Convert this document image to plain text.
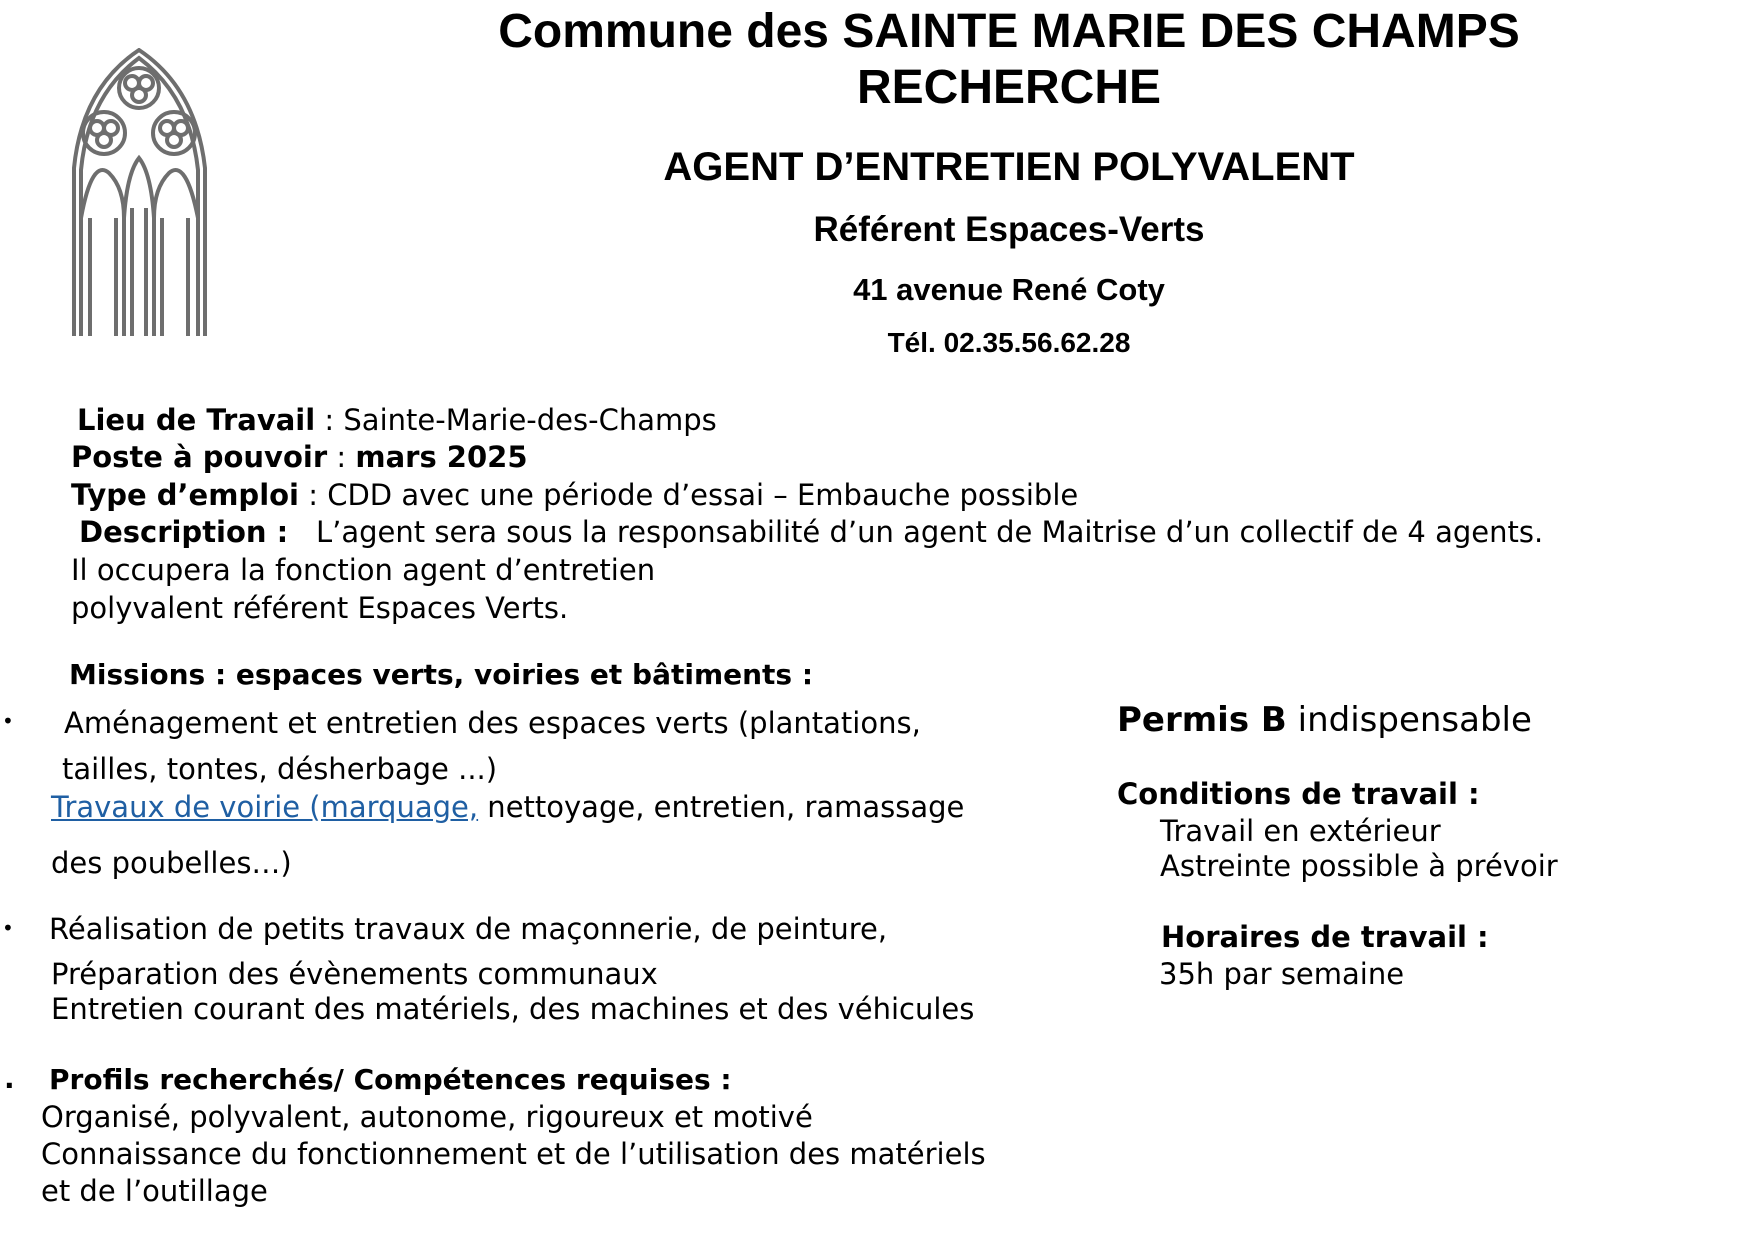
Commune des SAINTE MARIE DES CHAMPS
RECHERCHE
AGENT D’ENTRETIEN POLYVALENT
Référent Espaces-Verts
41 avenue René Coty
Tél. 02.35.56.62.28
Lieu de Travail : Sainte-Marie-des-Champs
Poste à pouvoir : mars 2025
Type d’emploi : CDD avec une période d’essai – Embauche possible
Description : L’agent sera sous la responsabilité d’un agent de Maitrise d’un collectif de 4 agents.
Il occupera la fonction agent d’entretien
polyvalent référent Espaces Verts.
Missions : espaces verts, voiries et bâtiments :
• Aménagement et entretien des espaces verts (plantations,
tailles, tontes, désherbage ...)
Travaux de voirie (marquage, nettoyage, entretien, ramassage
des poubelles…)
• Réalisation de petits travaux de maçonnerie, de peinture,
Préparation des évènements communaux
Entretien courant des matériels, des machines et des véhicules
. Profils recherchés/ Compétences requises :
Organisé, polyvalent, autonome, rigoureux et motivé
Connaissance du fonctionnement et de l’utilisation des matériels
et de l’outillage
Permis B indispensable
Conditions de travail :
Travail en extérieur
Astreinte possible à prévoir
Horaires de travail :
35h par semaine
